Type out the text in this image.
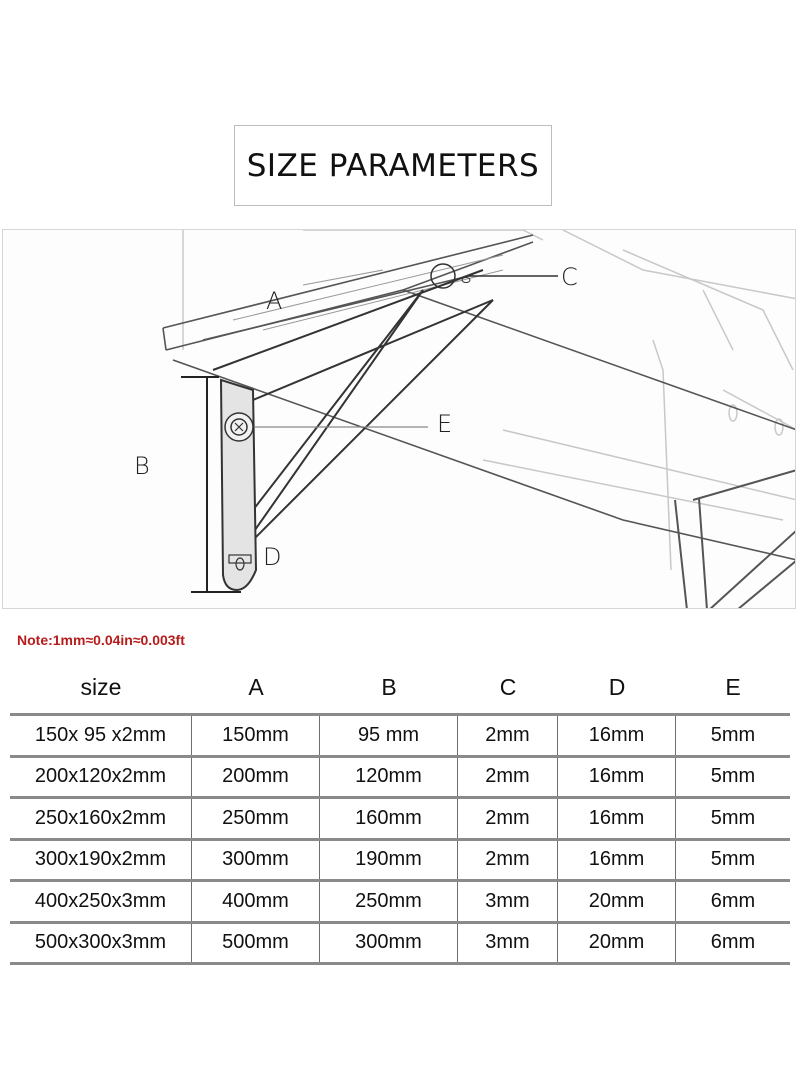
SIZE PARAMETERS
A
B
C
D
E
Note:1mm≈0.04in≈0.003ft
size	A	B	C	D	E
150x 95 x2mm	150mm	95 mm	2mm	16mm	5mm
200x120x2mm	200mm	120mm	2mm	16mm	5mm
250x160x2mm	250mm	160mm	2mm	16mm	5mm
300x190x2mm	300mm	190mm	2mm	16mm	5mm
400x250x3mm	400mm	250mm	3mm	20mm	6mm
500x300x3mm	500mm	300mm	3mm	20mm	6mm
